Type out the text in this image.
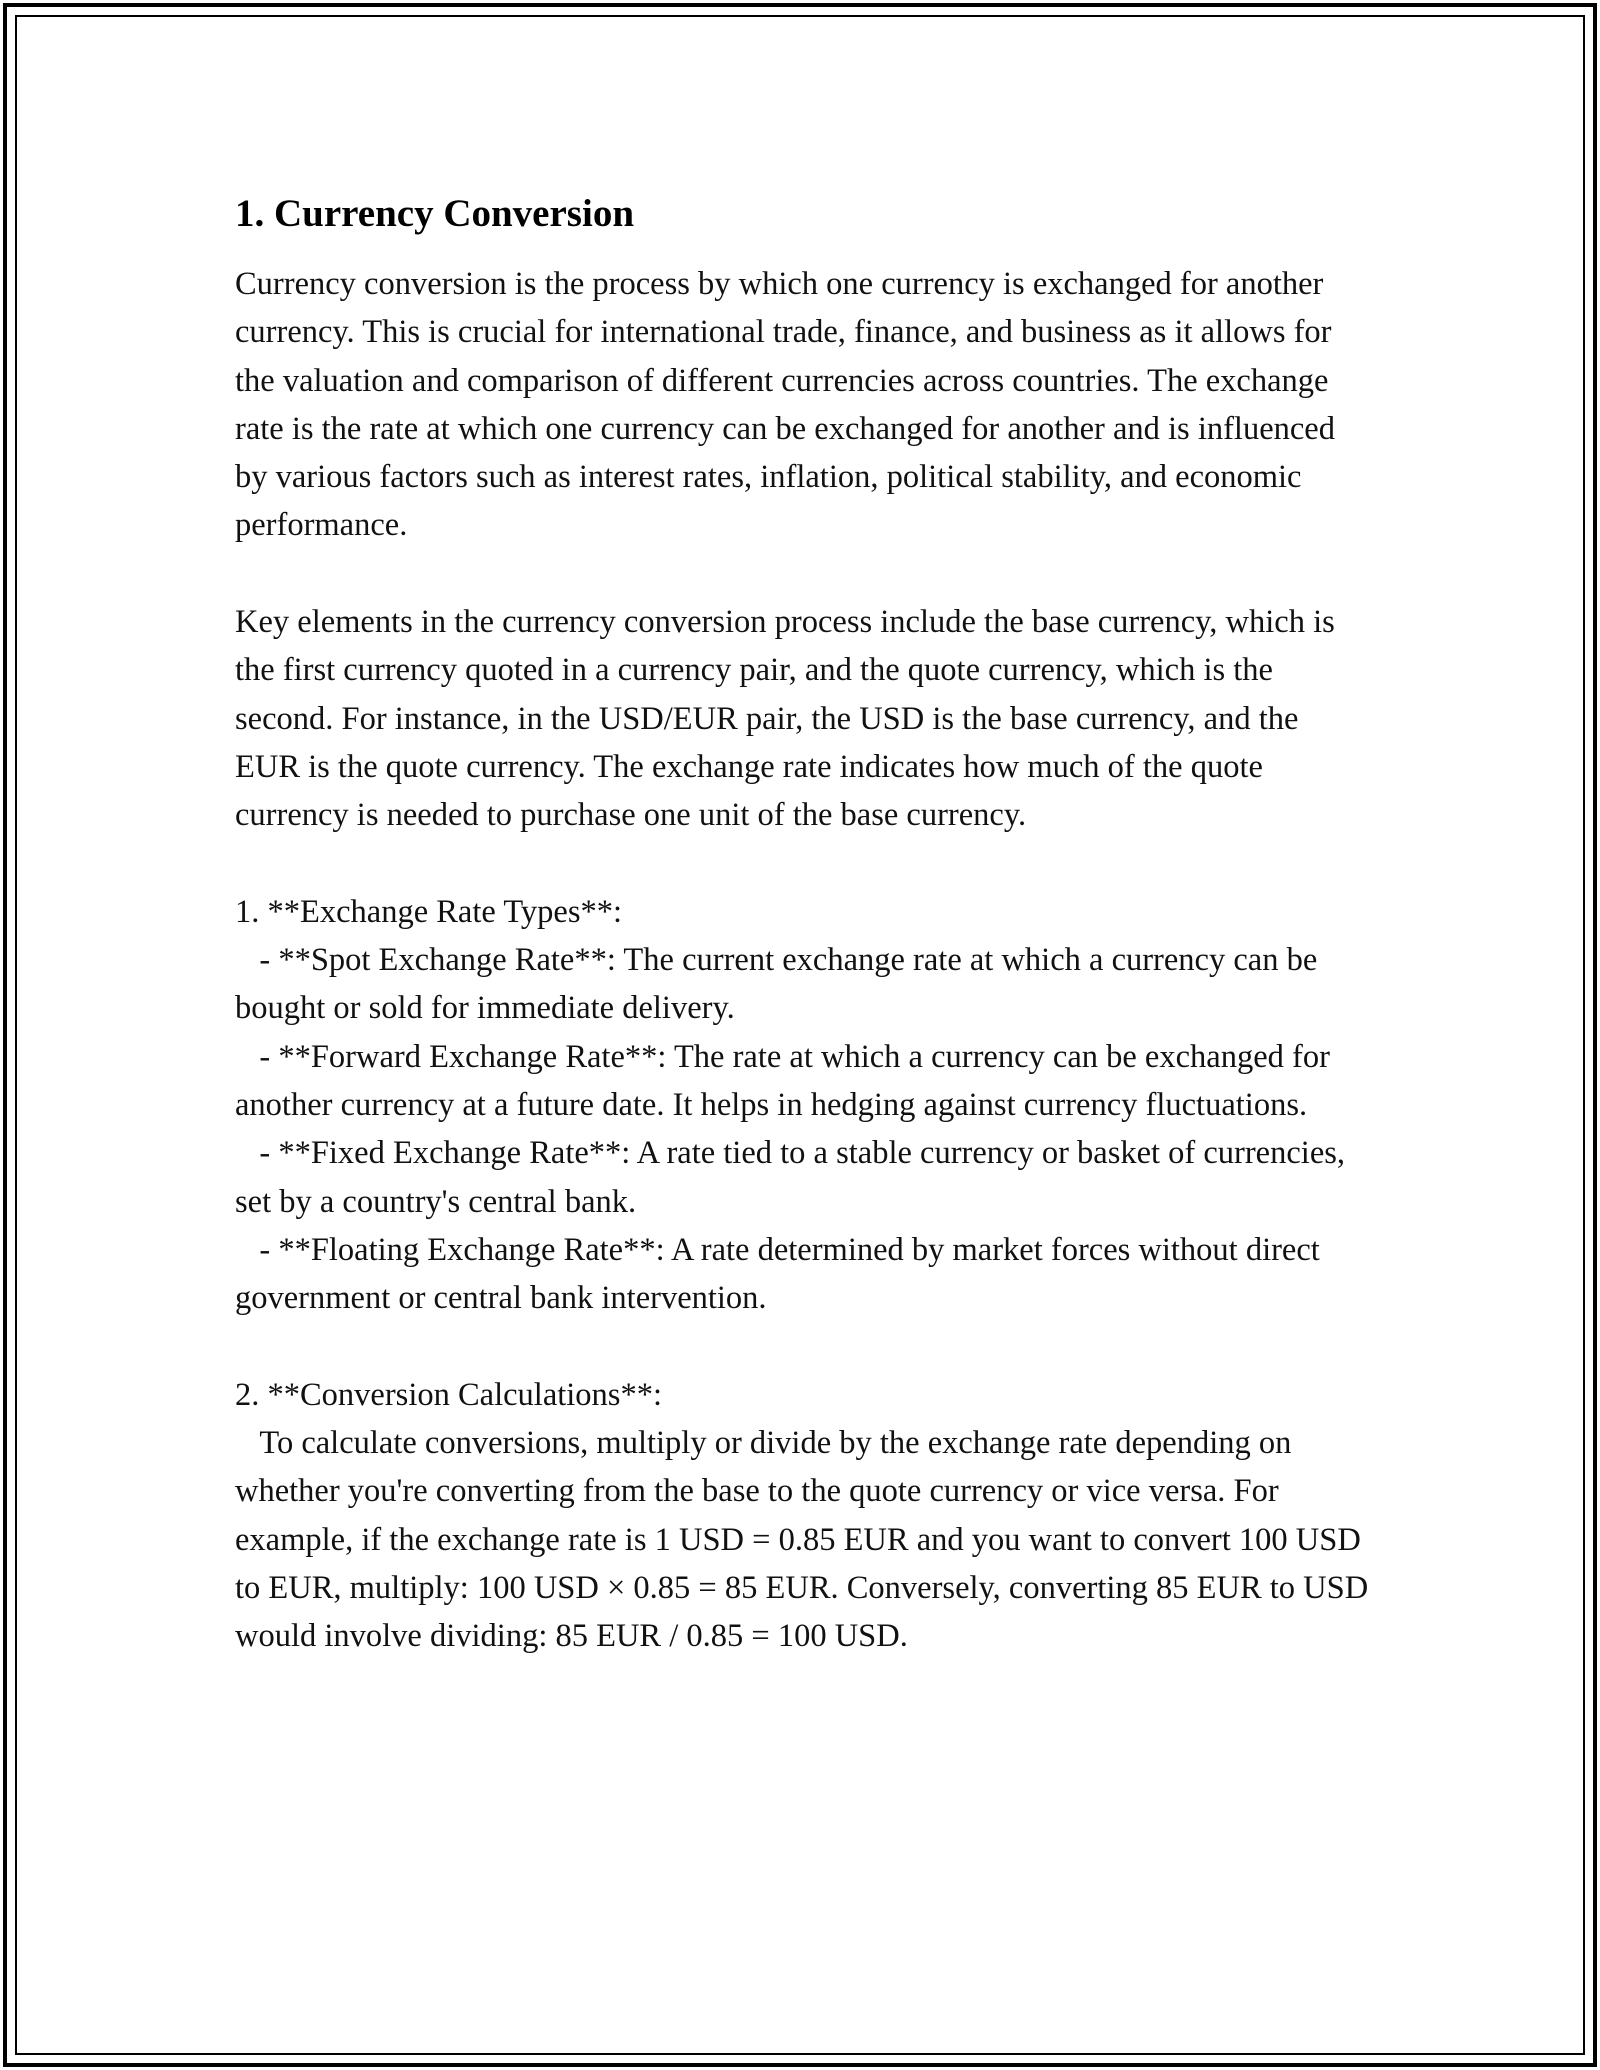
1. Currency Conversion

Currency conversion is the process by which one currency is exchanged for another currency. This is crucial for international trade, finance, and business as it allows for the valuation and comparison of different currencies across countries. The exchange rate is the rate at which one currency can be exchanged for another and is influenced by various factors such as interest rates, inflation, political stability, and economic performance.

Key elements in the currency conversion process include the base currency, which is the first currency quoted in a currency pair, and the quote currency, which is the second. For instance, in the USD/EUR pair, the USD is the base currency, and the EUR is the quote currency. The exchange rate indicates how much of the quote currency is needed to purchase one unit of the base currency.

1. **Exchange Rate Types**:

- **Spot Exchange Rate**: The current exchange rate at which a currency can be bought or sold for immediate delivery.

- **Forward Exchange Rate**: The rate at which a currency can be exchanged for another currency at a future date. It helps in hedging against currency fluctuations.

- **Fixed Exchange Rate**: A rate tied to a stable currency or basket of currencies, set by a country's central bank.

- **Floating Exchange Rate**: A rate determined by market forces without direct government or central bank intervention.

2. **Conversion Calculations**:

To calculate conversions, multiply or divide by the exchange rate depending on whether you're converting from the base to the quote currency or vice versa. For example, if the exchange rate is 1 USD = 0.85 EUR and you want to convert 100 USD to EUR, multiply: 100 USD × 0.85 = 85 EUR. Conversely, converting 85 EUR to USD would involve dividing: 85 EUR / 0.85 = 100 USD.
